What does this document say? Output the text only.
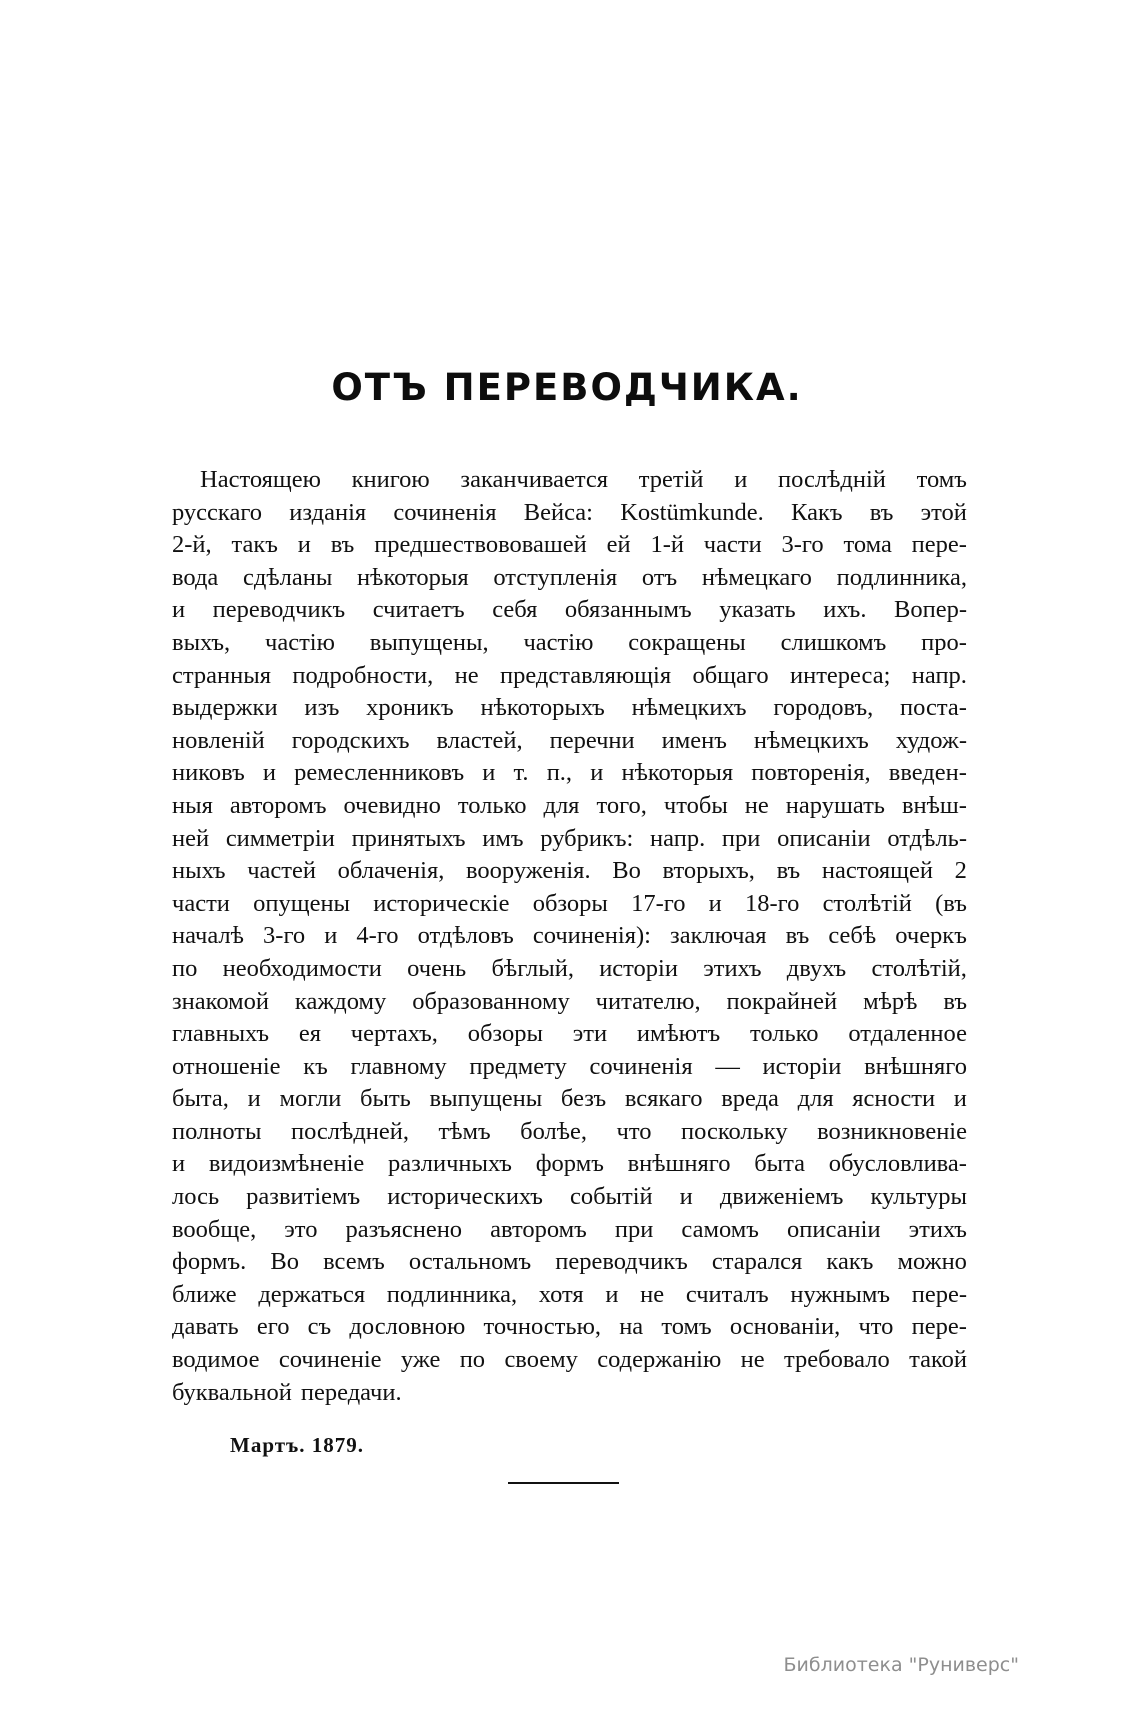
ОТЪ ПЕРЕВОДЧИКА.
Настоящею книгою заканчивается третій и послѣдній томъ
русскаго изданія сочиненія Вейса: Kostümkunde. Какъ въ этой
2-й, такъ и въ предшествововашей ей 1-й части 3-го тома пере-
вода сдѣланы нѣкоторыя отступленія отъ нѣмецкаго подлинника,
и переводчикъ считаетъ себя обязаннымъ указать ихъ. Вопер-
выхъ, частію выпущены, частію сокращены слишкомъ про-
странныя подробности, не представляющія общаго интереса; напр.
выдержки изъ хроникъ нѣкоторыхъ нѣмецкихъ городовъ, поста-
новленій городскихъ властей, перечни именъ нѣмецкихъ худож-
никовъ и ремесленниковъ и т. п., и нѣкоторыя повторенія, введен-
ныя авторомъ очевидно только для того, чтобы не нарушать внѣш-
ней симметріи принятыхъ имъ рубрикъ: напр. при описаніи отдѣль-
ныхъ частей облаченія, вооруженія. Во вторыхъ, въ настоящей 2
части опущены историческіе обзоры 17-го и 18-го столѣтій (въ
началѣ 3-го и 4-го отдѣловъ сочиненія): заключая въ себѣ очеркъ
по необходимости очень бѣглый, исторіи этихъ двухъ столѣтій,
знакомой каждому образованному читателю, покрайней мѣрѣ въ
главныхъ ея чертахъ, обзоры эти имѣютъ только отдаленное
отношеніе къ главному предмету сочиненія — исторіи внѣшняго
быта, и могли быть выпущены безъ всякаго вреда для ясности и
полноты послѣдней, тѣмъ болѣе, что поскольку возникновеніе
и видоизмѣненіе различныхъ формъ внѣшняго быта обусловлива-
лось развитіемъ историческихъ событій и движеніемъ культуры
вообще, это разъяснено авторомъ при самомъ описаніи этихъ
формъ. Во всемъ остальномъ переводчикъ старался какъ можно
ближе держаться подлинника, хотя и не считалъ нужнымъ пере-
давать его съ дословною точностью, на томъ основаніи, что пере-
водимое сочиненіе уже по своему содержанію не требовало такой
буквальной передачи.
Мартъ. 1879.
Библиотека "Руниверс"
